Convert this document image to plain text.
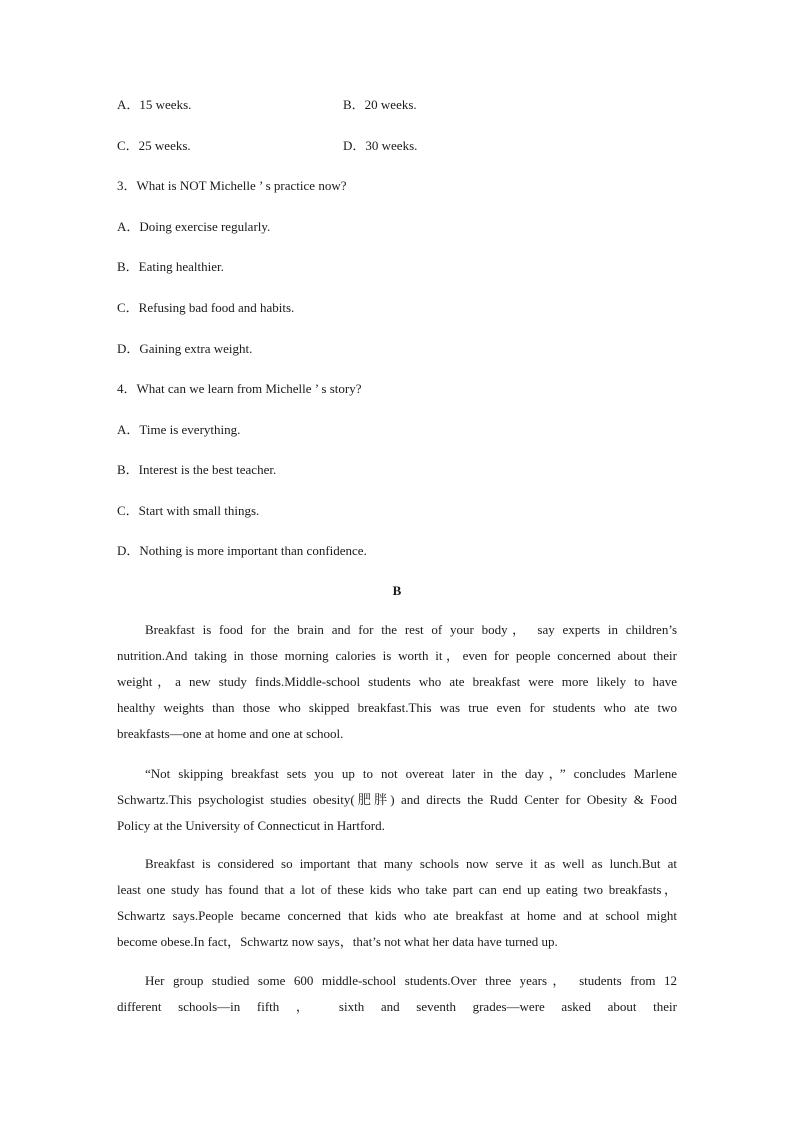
A．15 weeks.	B．20 weeks.
C．25 weeks.	D．30 weeks.
3．What is NOT Michelle ’ s practice now?
A．Doing exercise regularly.
B．Eating healthier.
C．Refusing bad food and habits.
D．Gaining extra weight.
4．What can we learn from Michelle ’ s story?
A．Time is everything.
B．Interest is the best teacher.
C．Start with small things.
D．Nothing is more important than confidence.
B
Breakfast is food for the brain and for the rest of your body， say experts in children’s
nutrition.And taking in those morning calories is worth it，even for people concerned about their
weight，a new study finds.Middle-school students who ate breakfast were more likely to have
healthy weights than those who skipped breakfast.This was true even for students who ate two
breakfasts—one at home and one at school.
“Not skipping breakfast sets you up to not overeat later in the day，” concludes Marlene
Schwartz.This psychologist studies obesity(肥胖) and directs the Rudd Center for Obesity & Food
Policy at the University of Connecticut in Hartford.
Breakfast is considered so important that many schools now serve it as well as lunch.But at
least one study has found that a lot of these kids who take part can end up eating two breakfasts，
Schwartz says.People became concerned that kids who ate breakfast at home and at school might
become obese.In fact，Schwartz now says，that’s not what her data have turned up.
Her group studied some 600 middle-school students.Over three years， students from 12
different schools—in fifth ， sixth and seventh grades—were asked about their
